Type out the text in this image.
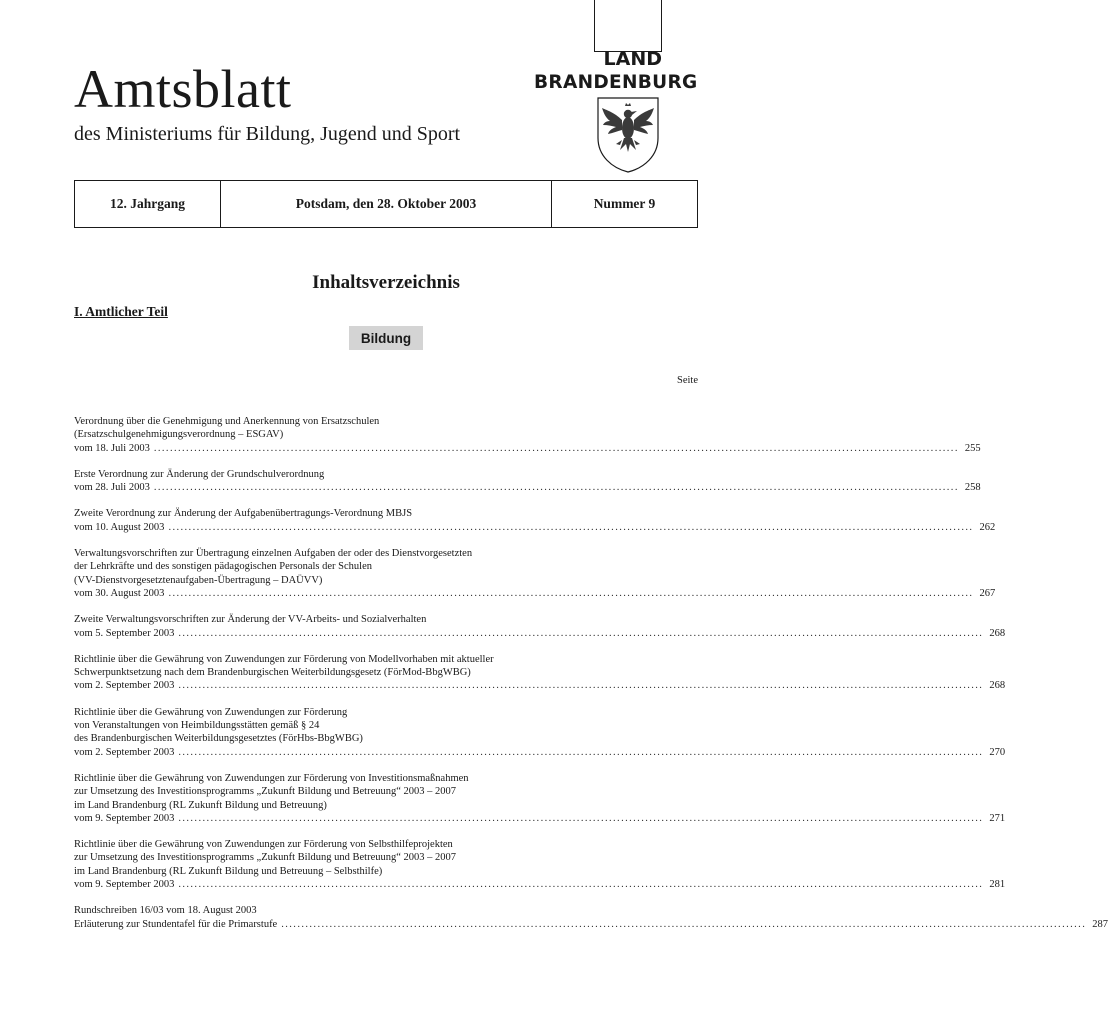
Amtsblatt
des Ministeriums für Bildung, Jugend und Sport
LAND
BRANDENBURG
12. Jahrgang	Potsdam, den 28. Oktober 2003	Nummer 9
Inhaltsverzeichnis
I. Amtlicher Teil
Bildung
Seite
Verordnung über die Genehmigung und Anerkennung von Ersatzschulen
(Ersatzschulgenehmigungsverordnung – ESGAV)
vom 18. Juli 2003 ........................................................................................................................................................................................................ 255
Erste Verordnung zur Änderung der Grundschulverordnung
vom 28. Juli 2003 ........................................................................................................................................................................................................ 258
Zweite Verordnung zur Änderung der Aufgabenübertragungs-Verordnung MBJS
vom 10. August 2003 ........................................................................................................................................................................................................ 262
Verwaltungsvorschriften zur Übertragung einzelnen Aufgaben der oder des Dienstvorgesetzten
der Lehrkräfte und des sonstigen pädagogischen Personals der Schulen
(VV-Dienstvorgesetztenaufgaben-Übertragung – DAÜVV)
vom 30. August 2003 ........................................................................................................................................................................................................ 267
Zweite Verwaltungsvorschriften zur Änderung der VV-Arbeits- und Sozialverhalten
vom 5. September 2003 ........................................................................................................................................................................................................ 268
Richtlinie über die Gewährung von Zuwendungen zur Förderung von Modellvorhaben mit aktueller
Schwerpunktsetzung nach dem Brandenburgischen Weiterbildungsgesetz (FörMod-BbgWBG)
vom 2. September 2003 ........................................................................................................................................................................................................ 268
Richtlinie über die Gewährung von Zuwendungen zur Förderung
von Veranstaltungen von Heimbildungsstätten gemäß § 24
des Brandenburgischen Weiterbildungsgesetztes (FörHbs-BbgWBG)
vom 2. September 2003 ........................................................................................................................................................................................................ 270
Richtlinie über die Gewährung von Zuwendungen zur Förderung von Investitionsmaßnahmen
zur Umsetzung des Investitionsprogramms „Zukunft Bildung und Betreuung“ 2003 – 2007
im Land Brandenburg (RL Zukunft Bildung und Betreuung)
vom 9. September 2003 ........................................................................................................................................................................................................ 271
Richtlinie über die Gewährung von Zuwendungen zur Förderung von Selbsthilfeprojekten
zur Umsetzung des Investitionsprogramms „Zukunft Bildung und Betreuung“ 2003 – 2007
im Land Brandenburg (RL Zukunft Bildung und Betreuung – Selbsthilfe)
vom 9. September 2003 ........................................................................................................................................................................................................ 281
Rundschreiben 16/03 vom 18. August 2003
Erläuterung zur Stundentafel für die Primarstufe ........................................................................................................................................................................................................ 287
